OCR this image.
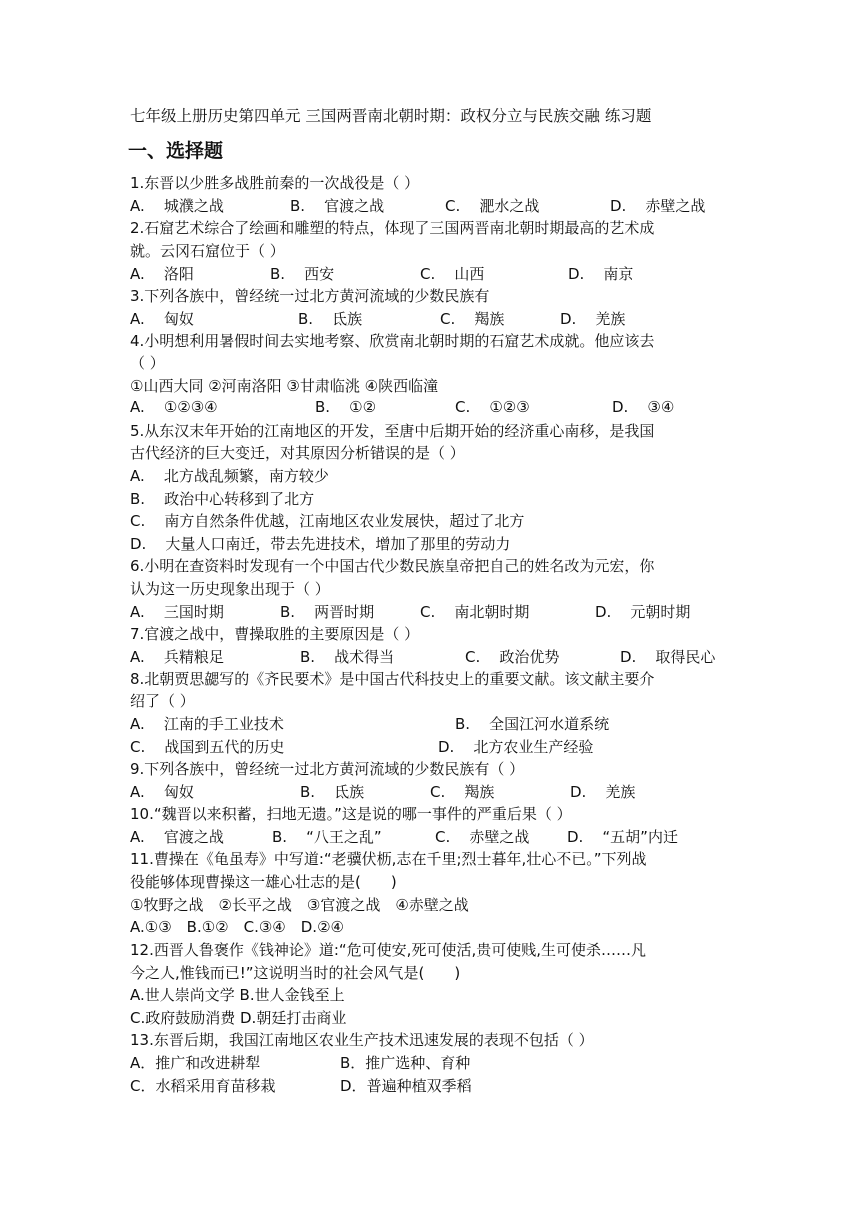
七年级上册历史第四单元 三国两晋南北朝时期：政权分立与民族交融 练习题
一、选择题
1.东晋以少胜多战胜前秦的一次战役是（ ）
A. 城濮之战	B. 官渡之战	C. 淝水之战	D. 赤壁之战
2.石窟艺术综合了绘画和雕塑的特点，体现了三国两晋南北朝时期最高的艺术成
就。云冈石窟位于（ ）
A. 洛阳	B. 西安	C. 山西	D. 南京
3.下列各族中，曾经统一过北方黄河流域的少数民族有
A. 匈奴	B. 氐族	C. 羯族	D. 羌族
4.小明想利用暑假时间去实地考察、欣赏南北朝时期的石窟艺术成就。他应该去
（ ）
①山西大同 ②河南洛阳 ③甘肃临洮 ④陕西临潼
A. ①②③④	B. ①②	C. ①②③	D. ③④
5.从东汉末年开始的江南地区的开发，至唐中后期开始的经济重心南移，是我国
古代经济的巨大变迁，对其原因分析错误的是（ ）
A. 北方战乱频繁，南方较少
B. 政治中心转移到了北方
C. 南方自然条件优越，江南地区农业发展快，超过了北方
D. 大量人口南迁，带去先进技术，增加了那里的劳动力
6.小明在查资料时发现有一个中国古代少数民族皇帝把自己的姓名改为元宏，你
认为这一历史现象出现于（ ）
A. 三国时期	B. 两晋时期	C. 南北朝时期	D. 元朝时期
7.官渡之战中，曹操取胜的主要原因是（ ）
A. 兵精粮足	B. 战术得当	C. 政治优势	D. 取得民心
8.北朝贾思勰写的《齐民要术》是中国古代科技史上的重要文献。该文献主要介
绍了（ ）
A. 江南的手工业技术	B. 全国江河水道系统
C. 战国到五代的历史	D. 北方农业生产经验
9.下列各族中，曾经统一过北方黄河流域的少数民族有（ ）
A. 匈奴	B. 氐族	C. 羯族	D. 羌族
10.“魏晋以来积蓄，扫地无遗。”这是说的哪一事件的严重后果（ ）
A. 官渡之战	B. “八王之乱”	C. 赤壁之战	D. “五胡”内迁
11.曹操在《龟虽寿》中写道:“老骥伏枥,志在千里;烈士暮年,壮心不已。”下列战
役能够体现曹操这一雄心壮志的是(　　)
①牧野之战　②长平之战　③官渡之战　④赤壁之战
A.①③　B.①②　C.③④　D.②④
12.西晋人鲁褒作《钱神论》道:“危可使安,死可使活,贵可使贱,生可使杀……凡
今之人,惟钱而已!”这说明当时的社会风气是(　　)
A.世人崇尚文学 B.世人金钱至上
C.政府鼓励消费 D.朝廷打击商业
13.东晋后期，我国江南地区农业生产技术迅速发展的表现不包括（ ）
A．推广和改进耕犁	B．推广选种、育种
C．水稻采用育苗移栽	D．普遍种植双季稻
